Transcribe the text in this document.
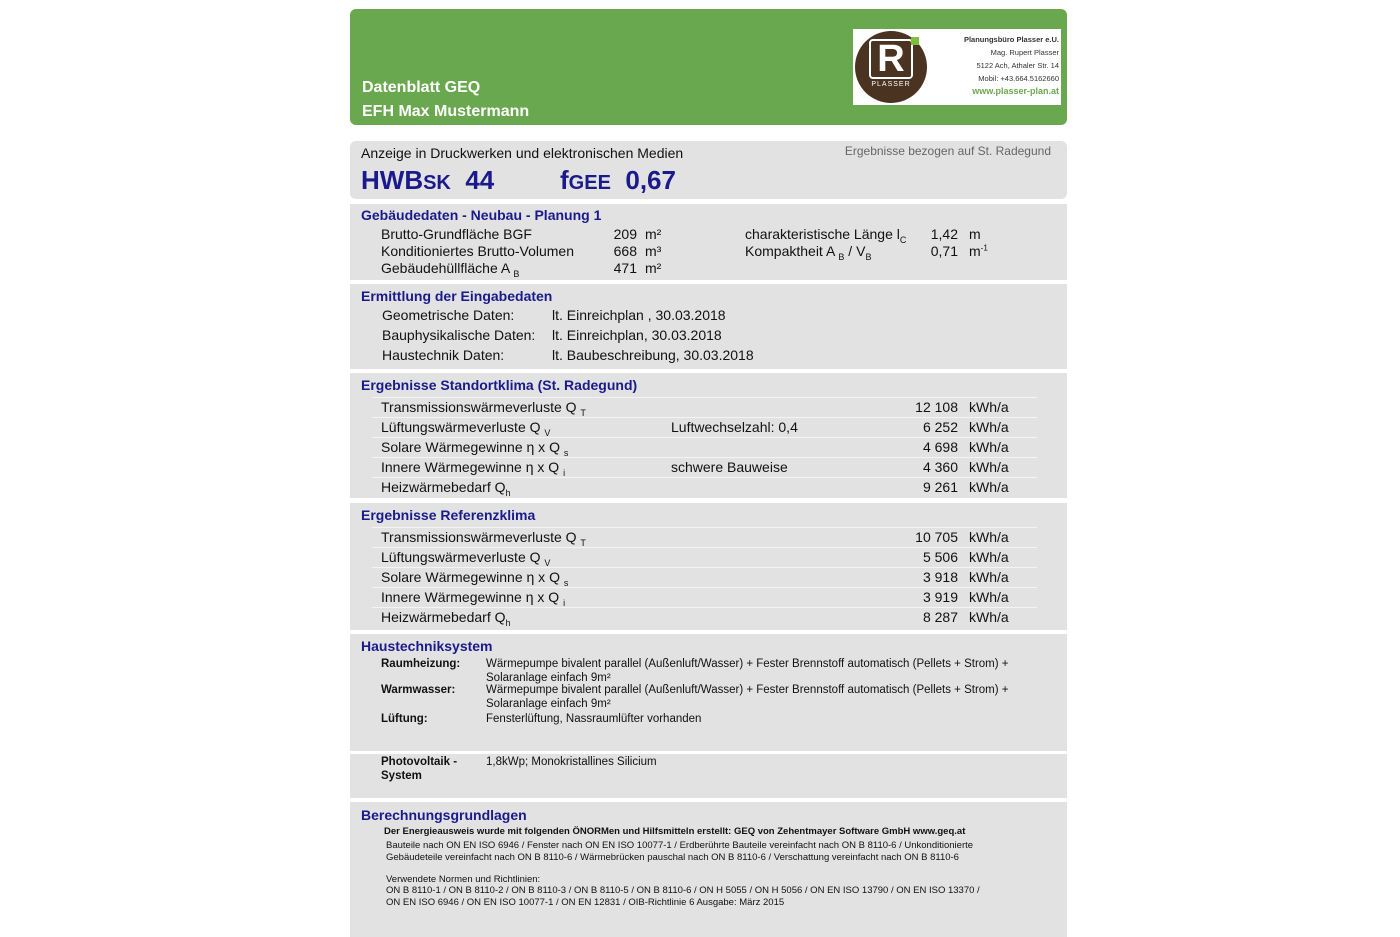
Datenblatt GEQ
EFH Max Mustermann
R
PLASSER
Planungsbüro Plasser e.U.
Mag. Rupert Plasser
5122 Ach, Athaler Str. 14
Mobil: +43.664.5162660
www.plasser-plan.at
Anzeige in Druckwerken und elektronischen Medien	Ergebnisse bezogen auf St. Radegund
HWBSK 44	fGEE 0,67
Gebäudedaten - Neubau - Planung 1
Brutto-Grundfläche BGF	209 m²
Konditioniertes Brutto-Volumen	668 m³
Gebäudehüllfläche A $_B$	471 m²
charakteristische Länge $l_C$	1,42 m
Kompaktheit A $_B / V_B$	0,71 $m^{-1}$
Ermittlung der Eingabedaten
Geometrische Daten:	lt. Einreichplan , 30.03.2018
Bauphysikalische Daten: lt. Einreichplan, 30.03.2018
Haustechnik Daten:	lt. Baubeschreibung, 30.03.2018
Ergebnisse Standortklima (St. Radegund)
Transmissionswärmeverluste Q $_T$	12 108 kWh/a
Lüftungswärmeverluste Q $_V$	Luftwechselzahl: 0,4	6 252 kWh/a
Solare Wärmegewinne η x Q $_s$	4 698 kWh/a
Innere Wärmegewinne η x Q $_i$	schwere Bauweise	4 360 kWh/a
Heizwärmebedarf $Q_h$	9 261 kWh/a
Ergebnisse Referenzklima
Transmissionswärmeverluste Q $_T$	10 705 kWh/a
Lüftungswärmeverluste Q $_V$	5 506 kWh/a
Solare Wärmegewinne η x Q $_s$	3 918 kWh/a
Innere Wärmegewinne η x Q $_i$	3 919 kWh/a
Heizwärmebedarf $Q_h$	8 287 kWh/a
Haustechniksystem
Raumheizung: Wärmepumpe bivalent parallel (Außenluft/Wasser) + Fester Brennstoff automatisch (Pellets + Strom) +
Solaranlage einfach 9m²
Warmwasser:	Wärmepumpe bivalent parallel (Außenluft/Wasser) + Fester Brennstoff automatisch (Pellets + Strom) +
Solaranlage einfach 9m²
Lüftung:	Fensterlüftung, Nassraumlüfter vorhanden
Photovoltaik -
System
1,8kWp; Monokristallines Silicium
Berechnungsgrundlagen
Der Energieausweis wurde mit folgenden ÖNORMen und Hilfsmitteln erstellt: GEQ von Zehentmayer Software GmbH www.geq.at
Bauteile nach ON EN ISO 6946 / Fenster nach ON EN ISO 10077-1 / Erdberührte Bauteile vereinfacht nach ON B 8110-6 / Unkonditionierte
Gebäudeteile vereinfacht nach ON B 8110-6 / Wärmebrücken pauschal nach ON B 8110-6 / Verschattung vereinfacht nach ON B 8110-6
Verwendete Normen und Richtlinien:
ON B 8110-1 / ON B 8110-2 / ON B 8110-3 / ON B 8110-5 / ON B 8110-6 / ON H 5055 / ON H 5056 / ON EN ISO 13790 / ON EN ISO 13370 /
ON EN ISO 6946 / ON EN ISO 10077-1 / ON EN 12831 / OIB-Richtlinie 6 Ausgabe: März 2015
